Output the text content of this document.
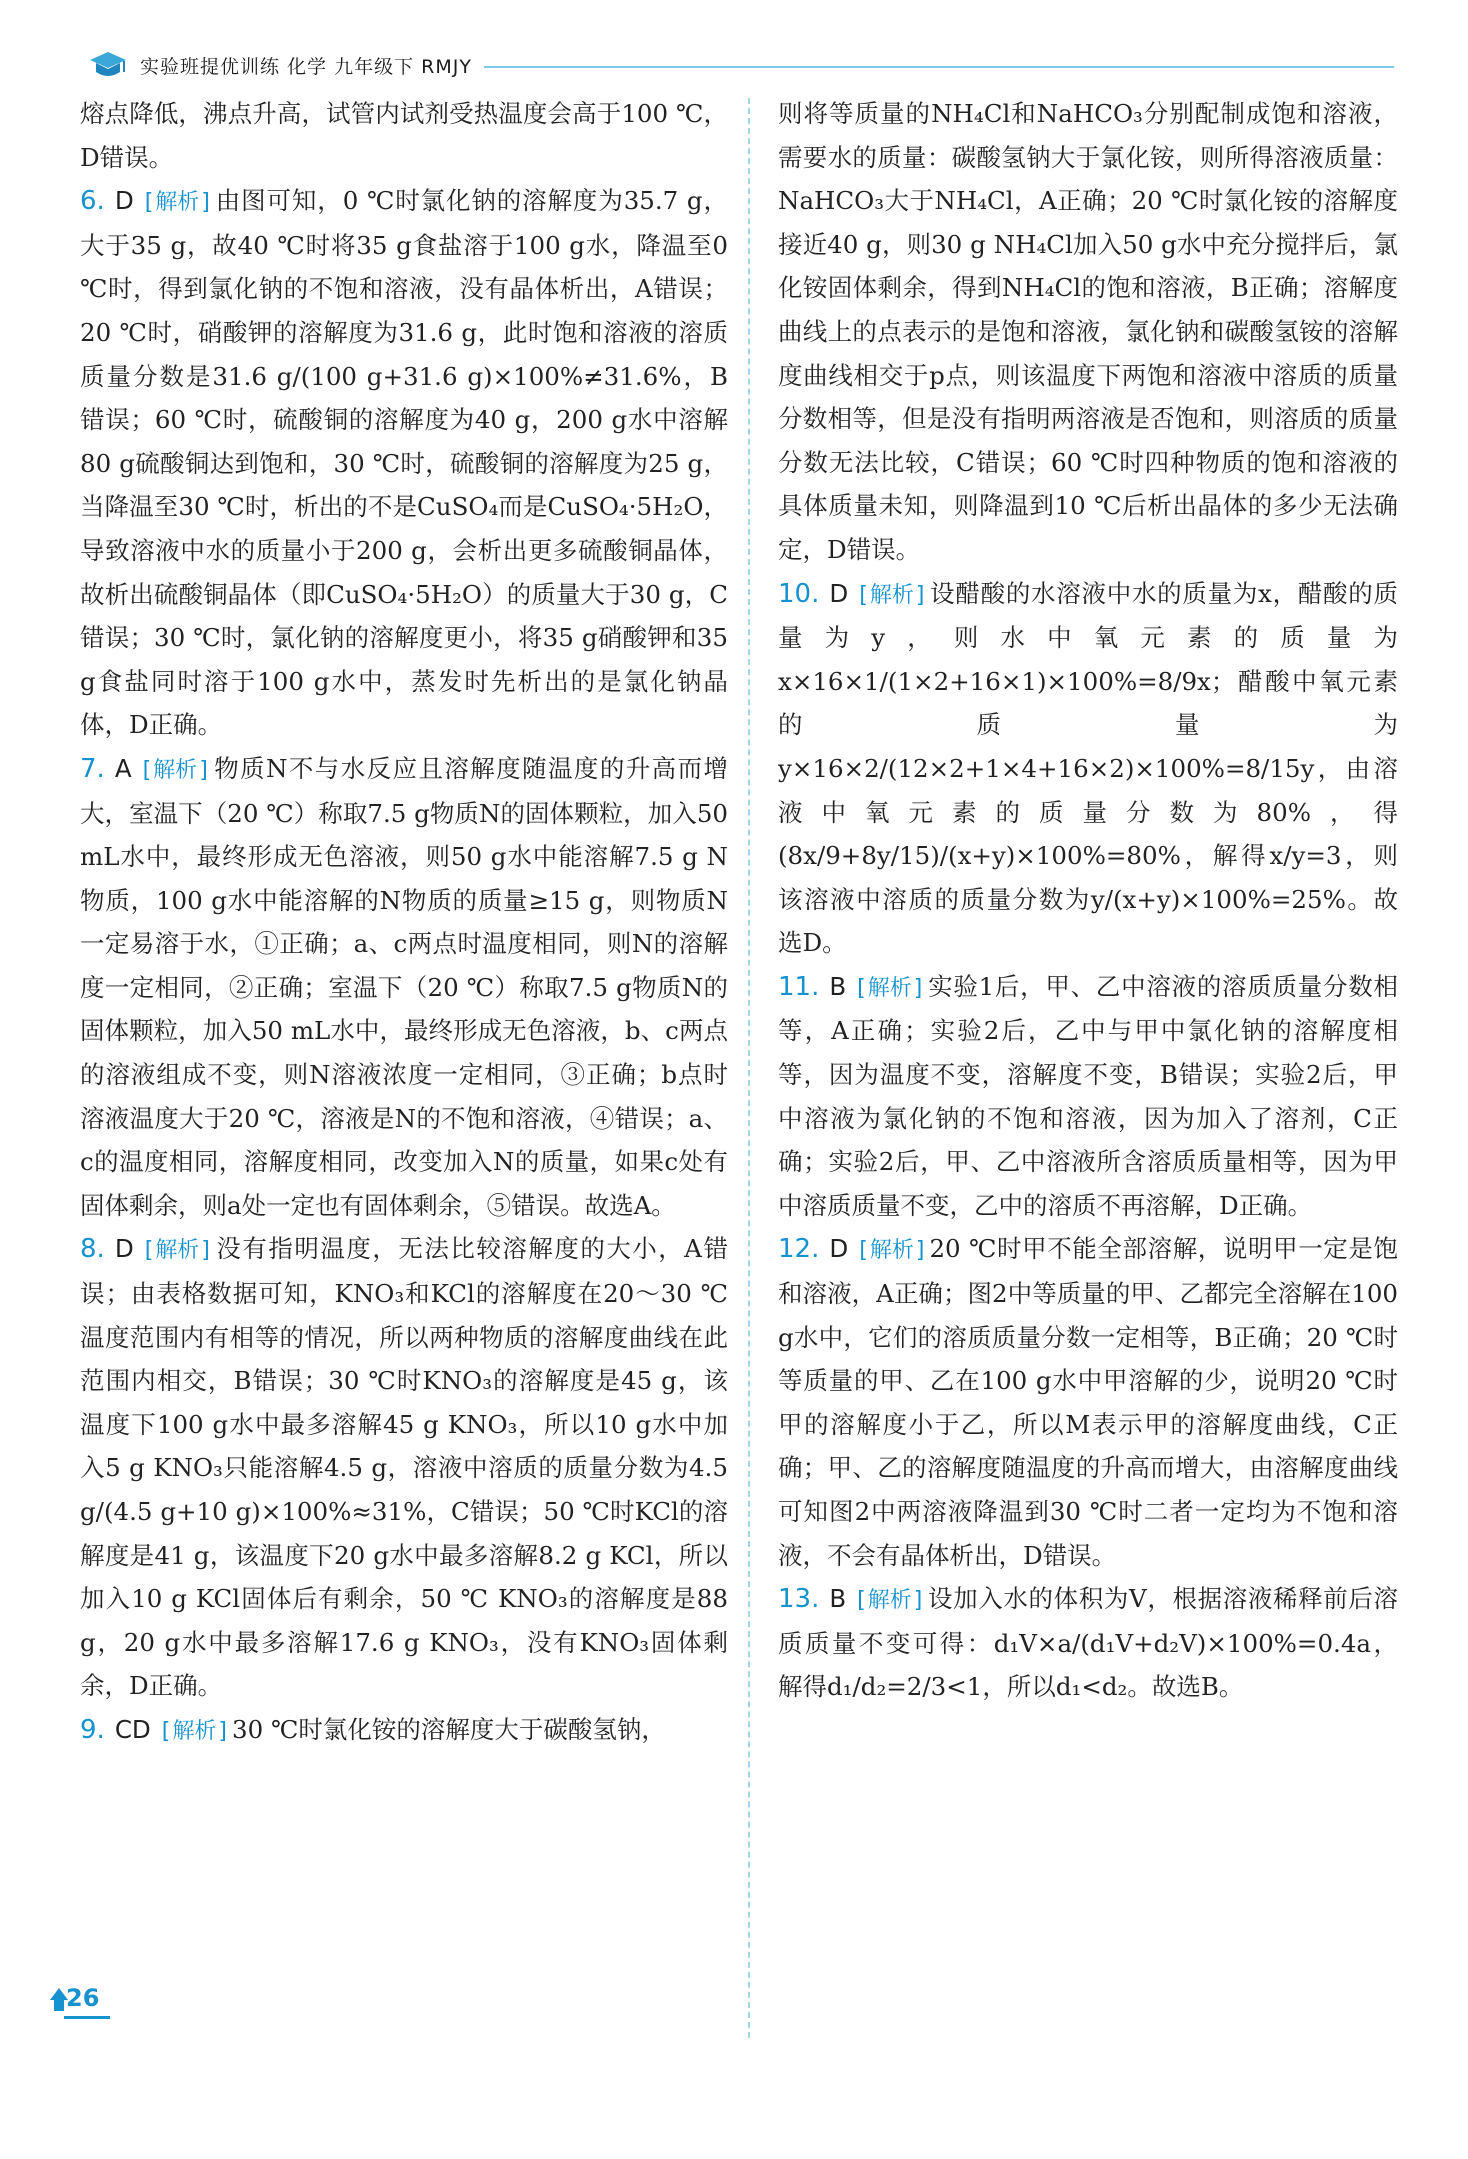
实验班提优训练 化学 九年级下 RMJY

熔点降低，沸点升高，试管内试剂受热温度会高于100 ℃，D错误。

6. D [ 解析 ] 由图可知，0 ℃时氯化钠的溶解度为35.7 g，大于35 g，故40 ℃时将35 g食盐溶于100 g水，降温至0 ℃时，得到氯化钠的不饱和溶液，没有晶体析出，A错误；20 ℃时，硝酸钾的溶解度为31.6 g，此时饱和溶液的溶质质量分数是31.6 g/(100 g+31.6 g)×100%≠31.6%，B错误；60 ℃时，硫酸铜的溶解度为40 g，200 g水中溶解80 g硫酸铜达到饱和，30 ℃时，硫酸铜的溶解度为25 g，当降温至30 ℃时，析出的不是CuSO₄而是CuSO₄·5H₂O，导致溶液中水的质量小于200 g，会析出更多硫酸铜晶体，故析出硫酸铜晶体（即CuSO₄·5H₂O）的质量大于30 g，C错误；30 ℃时，氯化钠的溶解度更小，将35 g硝酸钾和35 g食盐同时溶于100 g水中，蒸发时先析出的是氯化钠晶体，D正确。

7. A [ 解析 ] 物质N不与水反应且溶解度随温度的升高而增大，室温下（20 ℃）称取7.5 g物质N的固体颗粒，加入50 mL水中，最终形成无色溶液，则50 g水中能溶解7.5 g N物质，100 g水中能溶解的N物质的质量≥15 g，则物质N一定易溶于水，①正确；a、c两点时温度相同，则N的溶解度一定相同，②正确；室温下（20 ℃）称取7.5 g物质N的固体颗粒，加入50 mL水中，最终形成无色溶液，b、c两点的溶液组成不变，则N溶液浓度一定相同，③正确；b点时溶液温度大于20 ℃，溶液是N的不饱和溶液，④错误；a、c的温度相同，溶解度相同，改变加入N的质量，如果c处有固体剩余，则a处一定也有固体剩余，⑤错误。故选A。

8. D [ 解析 ] 没有指明温度，无法比较溶解度的大小，A错误；由表格数据可知，KNO₃和KCl的溶解度在20～30 ℃温度范围内有相等的情况，所以两种物质的溶解度曲线在此范围内相交，B错误；30 ℃时KNO₃的溶解度是45 g，该温度下100 g水中最多溶解45 g KNO₃，所以10 g水中加入5 g KNO₃只能溶解4.5 g，溶液中溶质的质量分数为4.5 g/(4.5 g+10 g)×100%≈31%，C错误；50 ℃时KCl的溶解度是41 g，该温度下20 g水中最多溶解8.2 g KCl，所以加入10 g KCl固体后有剩余，50 ℃ KNO₃的溶解度是88 g，20 g水中最多溶解17.6 g KNO₃，没有KNO₃固体剩余，D正确。

9. CD [ 解析 ] 30 ℃时氯化铵的溶解度大于碳酸氢钠，

则将等质量的NH₄Cl和NaHCO₃分别配制成饱和溶液，需要水的质量：碳酸氢钠大于氯化铵，则所得溶液质量：NaHCO₃大于NH₄Cl，A正确；20 ℃时氯化铵的溶解度接近40 g，则30 g NH₄Cl加入50 g水中充分搅拌后，氯化铵固体剩余，得到NH₄Cl的饱和溶液，B正确；溶解度曲线上的点表示的是饱和溶液，氯化钠和碳酸氢铵的溶解度曲线相交于p点，则该温度下两饱和溶液中溶质的质量分数相等，但是没有指明两溶液是否饱和，则溶质的质量分数无法比较，C错误；60 ℃时四种物质的饱和溶液的具体质量未知，则降温到10 ℃后析出晶体的多少无法确定，D错误。

10. D [ 解析 ] 设醋酸的水溶液中水的质量为x，醋酸的质量为y，则水中氧元素的质量为x×16×1/(1×2+16×1)×100%=8/9x；醋酸中氧元素的质量为y×16×2/(12×2+1×4+16×2)×100%=8/15y，由溶液中氧元素的质量分数为80%，得(8x/9+8y/15)/(x+y)×100%=80%，解得x/y=3，则该溶液中溶质的质量分数为y/(x+y)×100%=25%。故选D。

11. B [ 解析 ] 实验1后，甲、乙中溶液的溶质质量分数相等，A正确；实验2后，乙中与甲中氯化钠的溶解度相等，因为温度不变，溶解度不变，B错误；实验2后，甲中溶液为氯化钠的不饱和溶液，因为加入了溶剂，C正确；实验2后，甲、乙中溶液所含溶质质量相等，因为甲中溶质质量不变，乙中的溶质不再溶解，D正确。

12. D [ 解析 ] 20 ℃时甲不能全部溶解，说明甲一定是饱和溶液，A正确；图2中等质量的甲、乙都完全溶解在100 g水中，它们的溶质质量分数一定相等，B正确；20 ℃时等质量的甲、乙在100 g水中甲溶解的少，说明20 ℃时甲的溶解度小于乙，所以M表示甲的溶解度曲线，C正确；甲、乙的溶解度随温度的升高而增大，由溶解度曲线可知图2中两溶液降温到30 ℃时二者一定均为不饱和溶液，不会有晶体析出，D错误。

13. B [ 解析 ] 设加入水的体积为V，根据溶液稀释前后溶质质量不变可得：d₁V×a/(d₁V+d₂V)×100%=0.4a，解得d₁/d₂=2/3<1，所以d₁<d₂。故选B。

26
